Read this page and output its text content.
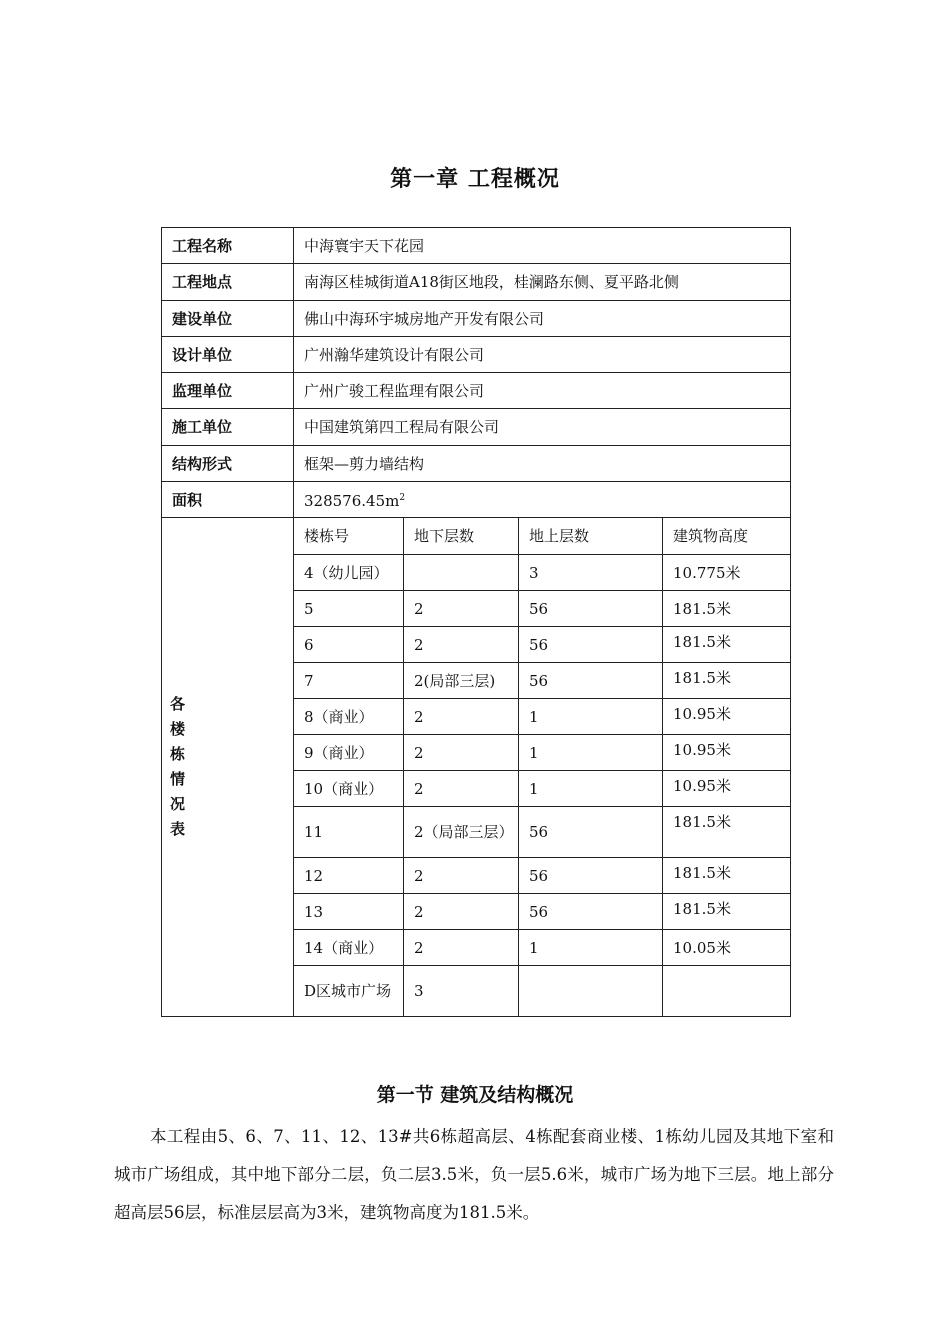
第一章 工程概况
工程名称	中海寰宇天下花园			
工程地点	南海区桂城街道A18街区地段，桂澜路东侧、夏平路北侧			
建设单位	佛山中海环宇城房地产开发有限公司			
设计单位	广州瀚华建筑设计有限公司			
监理单位	广州广骏工程监理有限公司			
施工单位	中国建筑第四工程局有限公司			
结构形式	框架—剪力墙结构			
面积	$328576.45m^2$

各楼栋情况表	楼栋号	地下层数	地上层数	建筑物高度
	4（幼儿园）		3	10.775米
	5	2	56	181.5米
	6	2	56	181.5米
	7	2(局部三层)	56	181.5米
	8（商业）	2	1	10.95米
	9（商业）	2	1	10.95米
	10（商业）	2	1	10.95米
	11	2（局部三层）	56	181.5米
	12	2	56	181.5米
	13	2	56	181.5米
	14（商业）	2	1	10.05米
	D区城市广场	3		
第一节 建筑及结构概况

本工程由5、6、7、11、12、13#共6栋超高层、4栋配套商业楼、1栋幼儿园及其地下室和城市广场组成，其中地下部分二层，负二层3.5米，负一层5.6米，城市广场为地下三层。地上部分超高层56层，标准层层高为3米，建筑物高度为181.5米。
